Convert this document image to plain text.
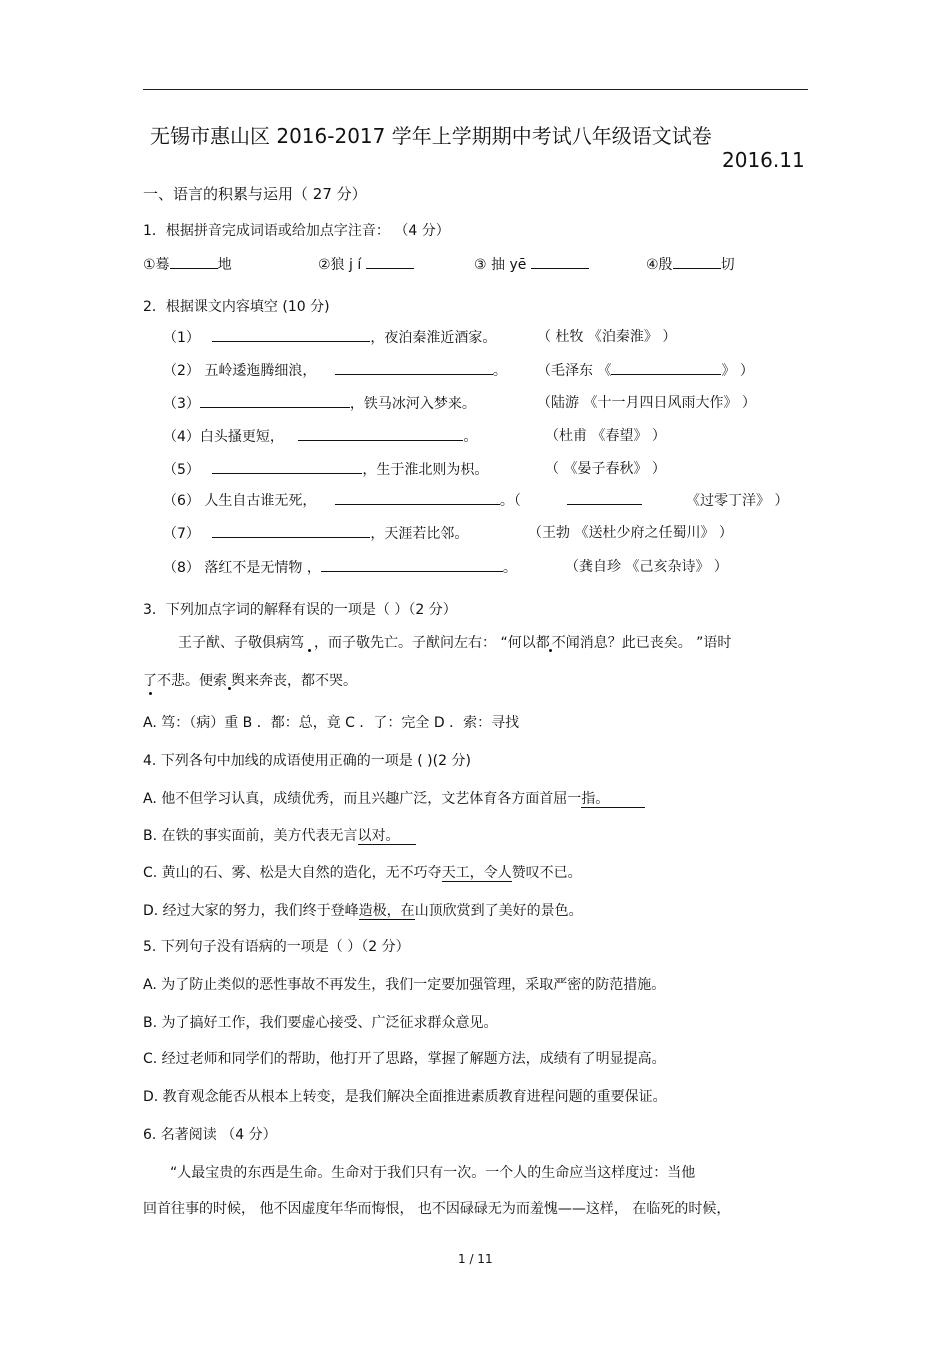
无锡市惠山区 2016-2017 学年上学期期中考试八年级语文试卷
2016.11
一、语言的积累与运用（ 27 分）
1．根据拼音完成词语或给加点字注音： （4 分）
①蓦	地	②狼 j í	③ 抽 yē	④殷	切
2．根据课文内容填空 (10 分)
（1）	，夜泊秦淮近酒家。	（ 杜牧 《泊秦淮》 ）
（2） 五岭逶迤腾细浪，	。 （毛泽东 《	》 ）
（3）	，铁马冰河入梦来。	（陆游 《十一月四日风雨大作》 ）
（4）白头搔更短，	。	（杜甫 《春望》 ）
（5）	，生于淮北则为枳。	（ 《晏子春秋》 ）
（6） 人生自古谁无死，	。（	《过零丁洋》 ）
（7）	，天涯若比邻。	（王勃 《送杜少府之任蜀川》 ）
（8） 落红不是无情物 ，	。	（龚自珍 《己亥杂诗》 ）
3．下列加点字词的解释有误的一项是（ ）（2 分）
王子猷、子敬俱病笃 ，而子敬先亡。子猷问左右： “何以都 不闻消息？此已丧矣。 ”语时
了不悲。便索 舆来奔丧，都不哭。
A. 笃：（病）重 B ．都：总，竟 C ．了：完全 D ．索：寻找
4. 下列各句中加线的成语使用正确的一项是 ( )(2 分)
A. 他不但学习认真，成绩优秀，而且兴趣广泛，文艺体育各方面首屈一指。
B. 在铁的事实面前，美方代表无言以对。
C. 黄山的石、雾、松是大自然的造化，无不巧夺天工，令人赞叹不已。
D. 经过大家的努力，我们终于登峰造极，在山顶欣赏到了美好的景色。
5. 下列句子没有语病的一项是（ ）（2 分）
A. 为了防止类似的恶性事故不再发生，我们一定要加强管理，采取严密的防范措施。
B. 为了搞好工作，我们要虚心接受、广泛征求群众意见。
C. 经过老师和同学们的帮助，他打开了思路，掌握了解题方法，成绩有了明显提高。
D. 教育观念能否从根本上转变，是我们解决全面推进素质教育进程问题的重要保证。
6. 名著阅读 （4 分）
“人最宝贵的东西是生命。生命对于我们只有一次。一个人的生命应当这样度过：当他
回首往事的时候， 他不因虚度年华而悔恨， 也不因碌碌无为而羞愧——这样， 在临死的时候，
1 / 11
